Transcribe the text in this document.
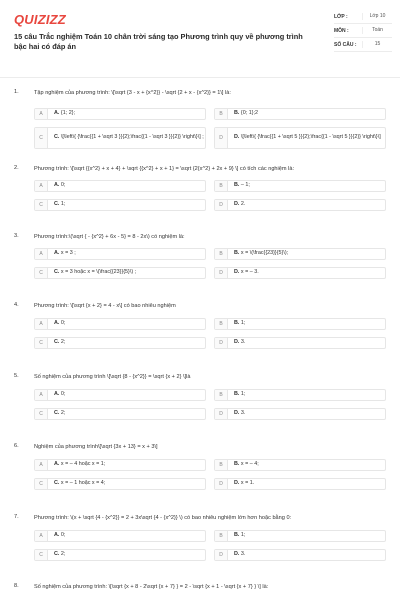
QUIZIZZ
15 câu Trắc nghiệm Toán 10 chân trời sáng tạo Phương trình quy về phương trình bậc hai có đáp án
LỚP :	Lớp 10
MÔN :	Toán
SỐ CÂU :	15
1.	Tập nghiệm của phương trình: \[\sqrt {3 - x + {x^2}} - \sqrt {2 + x - {x^2}} = 1\] là:
A	A. {1; 2};	B	B. {0; 1};2
C	C. \[\left\{ {\frac{{1 + \sqrt 3 }}{2};\frac{{1 - \sqrt 3 }}{2}} \right\}\] ;	D	D. \[\left\{ {\frac{{1 + \sqrt 5 }}{2};\frac{{1 - \sqrt 5 }}{2}} \right\}\]
2.	Phương trình: \[\sqrt {{x^2} + x + 4} + \sqrt {{x^2} + x + 1} = \sqrt {2{x^2} + 2x + 9} \] có tích các nghiệm là:
A	A. 0;	B	B. – 1;
C	C. 1;	D	D. 2.
3.	Phương trình:\(\sqrt { - {x^2} + 6x - 5} = 8 - 2x\) có nghiệm là:
A	A. x = 3 ;	B	B. x = \(\frac{{23}}{5}\);
C	C. x = 3 hoặc x = \(\frac{{23}}{5}\) ;	D	D. x = – 3.
4.	Phương trình: \[\sqrt {x + 2} = 4 - x\] có bao nhiêu nghiệm
A	A. 0;	B	B. 1;
C	C. 2;	D	D. 3.
5.	Số nghiệm của phương trình \[\sqrt {8 - {x^2}} = \sqrt {x + 2} \]là
A	A. 0;	B	B. 1;
C	C. 2;	D	D. 3.
6.	Nghiệm của phương trình\[\sqrt {3x + 13} = x + 3\]
A	A. x = – 4 hoặc x = 1;	B	B. x = – 4;
C	C. x = – 1 hoặc x = 4;	D	D. x = 1.
7.	Phương trình: \(x + \sqrt {4 - {x^2}} = 2 + 3x\sqrt {4 - {x^2}} \) có bao nhiêu nghiệm lớn hơn hoặc bằng 0:
A	A. 0;	B	B. 1;
C	C. 2;	D	D. 3.
8.	Số nghiệm của phương trình: \[\sqrt {x + 8 - 2\sqrt {x + 7} } = 2 - \sqrt {x + 1 - \sqrt {x + 7} } \] là:
